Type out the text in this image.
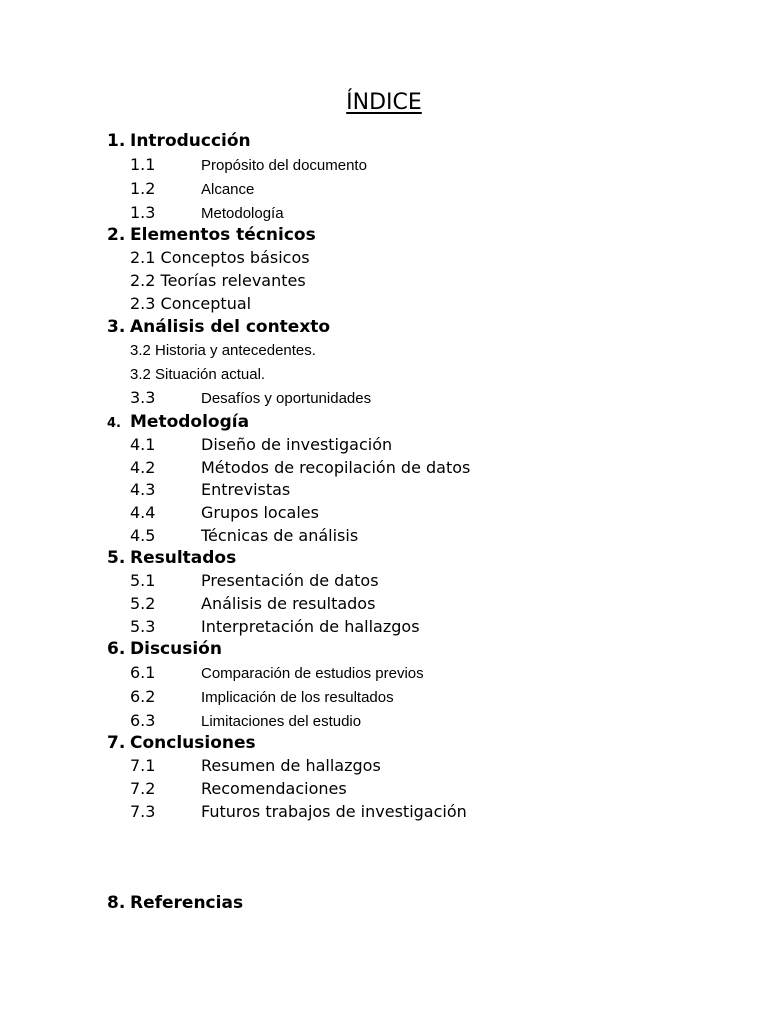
ÍNDICE
1. Introducción
1.1	Propósito del documento
1.2	Alcance
1.3	Metodología
2. Elementos técnicos
2.1 Conceptos básicos
2.2 Teorías relevantes
2.3 Conceptual
3. Análisis del contexto
3.2 Historia y antecedentes.
3.2 Situación actual.
3.3	Desafíos y oportunidades
4. Metodología
4.1	Diseño de investigación
4.2	Métodos de recopilación de datos
4.3	Entrevistas
4.4	Grupos locales
4.5	Técnicas de análisis
5. Resultados
5.1	Presentación de datos
5.2	Análisis de resultados
5.3	Interpretación de hallazgos
6. Discusión
6.1	Comparación de estudios previos
6.2	Implicación de los resultados
6.3	Limitaciones del estudio
7. Conclusiones
7.1	Resumen de hallazgos
7.2	Recomendaciones
7.3	Futuros trabajos de investigación
8. Referencias
